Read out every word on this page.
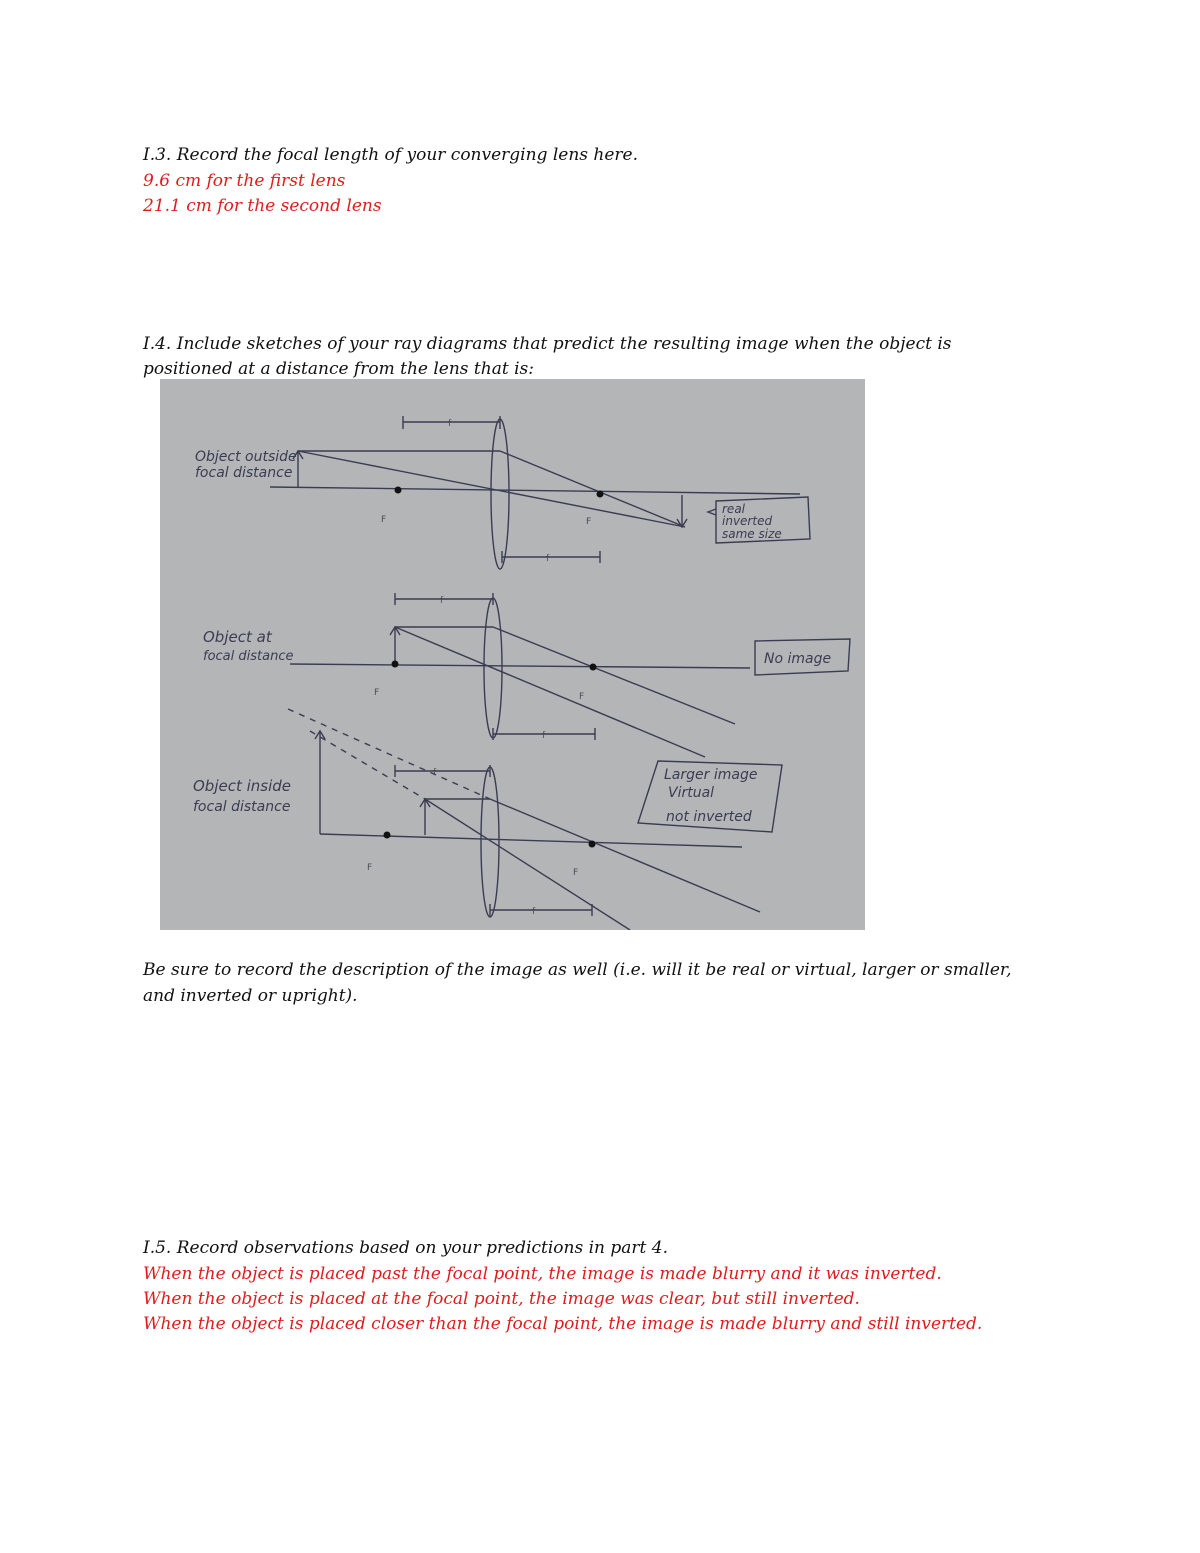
I.3. Record the focal length of your converging lens here.
9.6 cm for the first lens
21.1 cm for the second lens
I.4. Include sketches of your ray diagrams that predict the resulting image when the object is
positioned at a distance from the lens that is:
Object outside
focal distance
f
f
F	F
real
inverted
same size
Object at
focal distance
f
f
F	F
No image
Object inside
focal distance
f
f
F	F
Larger image
Virtual
not inverted
Be sure to record the description of the image as well (i.e. will it be real or virtual, larger or smaller,
and inverted or upright).
I.5. Record observations based on your predictions in part 4.
When the object is placed past the focal point, the image is made blurry and it was inverted.
When the object is placed at the focal point, the image was clear, but still inverted.
When the object is placed closer than the focal point, the image is made blurry and still inverted.
